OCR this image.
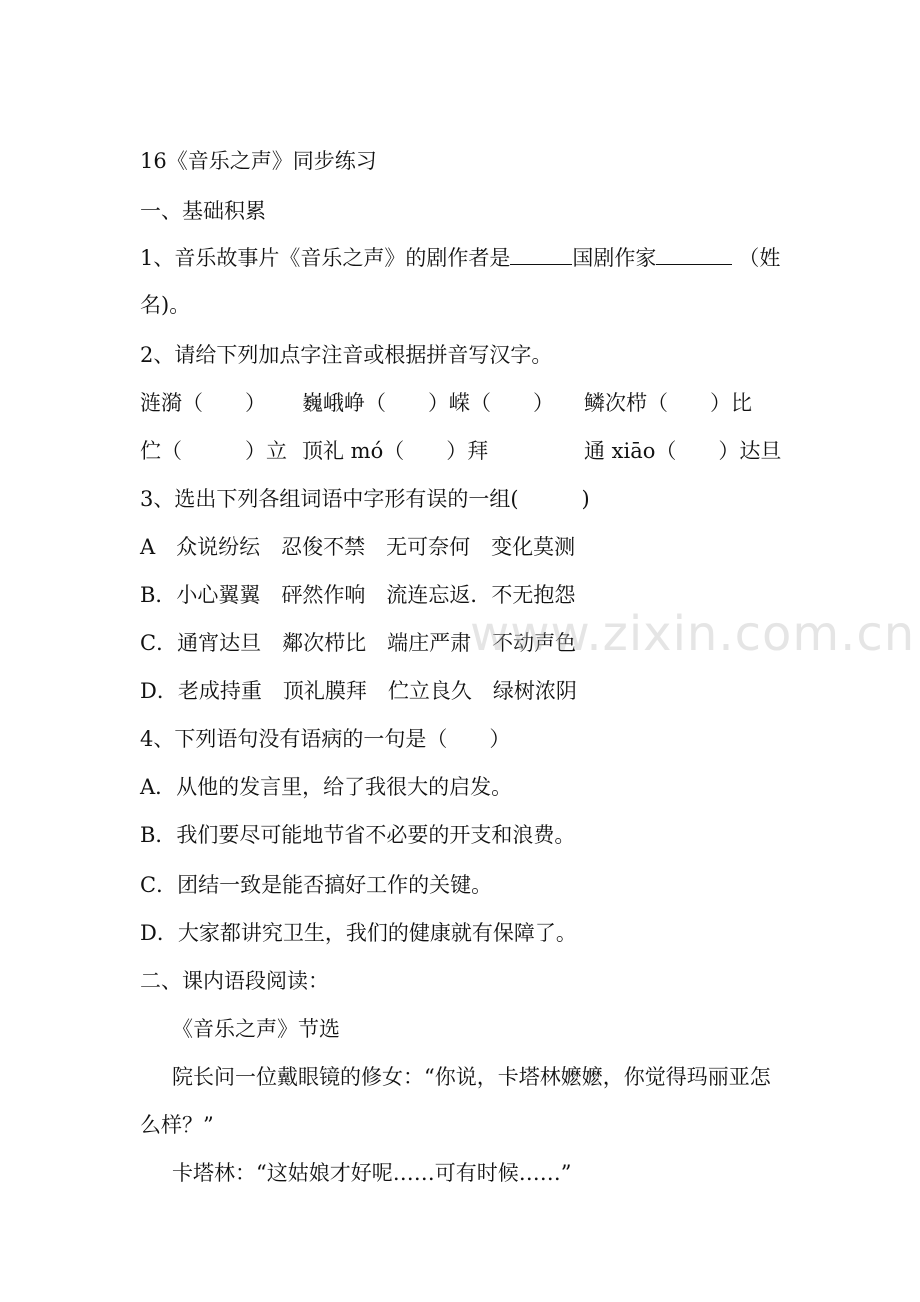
16《音乐之声》同步练习
一、基础积累
1、音乐故事片《音乐之声》的剧作者是	国剧作家	（姓
名)。
2、请给下列加点字注音或根据拼音写汉字。
涟漪（　　） 巍峨峥（　　）嵘（　　） 鳞次栉（　　）比
伫（　　　）立 顶礼 mó（　　）拜	通 xiāo（　　）达旦
3、选出下列各组词语中字形有误的一组(　　　)
A　众说纷纭　忍俊不禁　无可奈何　变化莫测
B．小心翼翼　砰然作响　流连忘返．不无抱怨
C．通宵达旦　鄰次栉比　端庄严肃　不动声色
D．老成持重　顶礼膜拜　伫立良久　绿树浓阴
4、下列语句没有语病的一句是（　　）
A．从他的发言里，给了我很大的启发。
B．我们要尽可能地节省不必要的开支和浪费。
C．团结一致是能否搞好工作的关键。
D．大家都讲究卫生，我们的健康就有保障了。
二、课内语段阅读：
《音乐之声》节选
院长问一位戴眼镜的修女：“你说，卡塔林嬷嬷，你觉得玛丽亚怎
么样？”
卡塔林：“这姑娘才好呢……可有时候……”
www.zixin.com.cn
